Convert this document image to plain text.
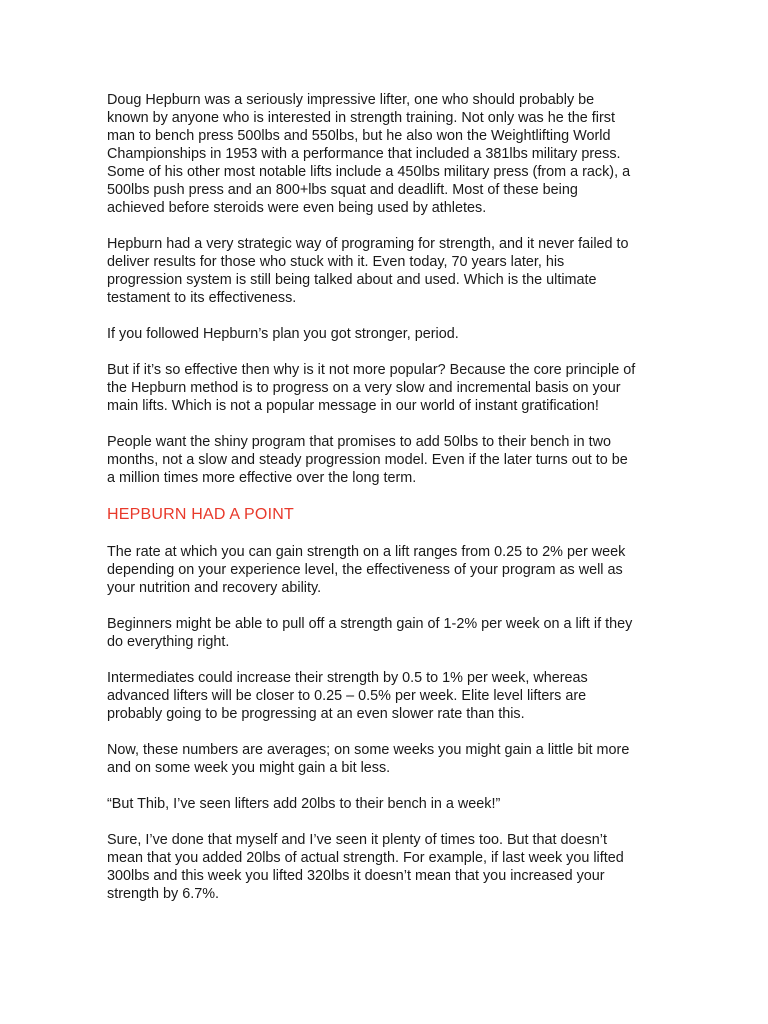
Doug Hepburn was a seriously impressive lifter, one who should probably be
known by anyone who is interested in strength training. Not only was he the first
man to bench press 500lbs and 550lbs, but he also won the Weightlifting World
Championships in 1953 with a performance that included a 381lbs military press.
Some of his other most notable lifts include a 450lbs military press (from a rack), a
500lbs push press and an 800+lbs squat and deadlift. Most of these being
achieved before steroids were even being used by athletes.

Hepburn had a very strategic way of programing for strength, and it never failed to
deliver results for those who stuck with it. Even today, 70 years later, his
progression system is still being talked about and used. Which is the ultimate
testament to its effectiveness.

If you followed Hepburn’s plan you got stronger, period.

But if it’s so effective then why is it not more popular? Because the core principle of
the Hepburn method is to progress on a very slow and incremental basis on your
main lifts. Which is not a popular message in our world of instant gratification!

People want the shiny program that promises to add 50lbs to their bench in two
months, not a slow and steady progression model. Even if the later turns out to be
a million times more effective over the long term.

HEPBURN HAD A POINT

The rate at which you can gain strength on a lift ranges from 0.25 to 2% per week
depending on your experience level, the effectiveness of your program as well as
your nutrition and recovery ability.

Beginners might be able to pull off a strength gain of 1-2% per week on a lift if they
do everything right.

Intermediates could increase their strength by 0.5 to 1% per week, whereas
advanced lifters will be closer to 0.25 – 0.5% per week. Elite level lifters are
probably going to be progressing at an even slower rate than this.

Now, these numbers are averages; on some weeks you might gain a little bit more
and on some week you might gain a bit less.

“But Thib, I’ve seen lifters add 20lbs to their bench in a week!”

Sure, I’ve done that myself and I’ve seen it plenty of times too. But that doesn’t
mean that you added 20lbs of actual strength. For example, if last week you lifted
300lbs and this week you lifted 320lbs it doesn’t mean that you increased your
strength by 6.7%.
